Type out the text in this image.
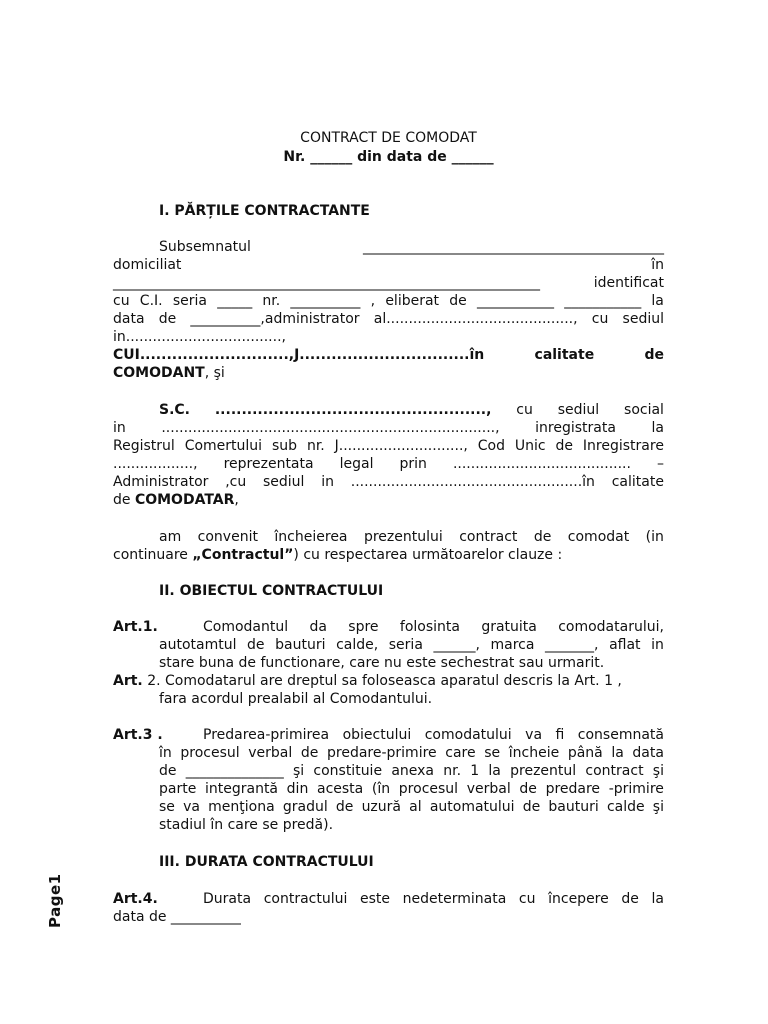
CONTRACT DE COMODAT
Nr. ______ din data de ______
I. PĂRȚILE CONTRACTANTE
Subsemnatul	___________________________________________
domiciliat	în
_____________________________________________________________	identificat
cu C.I. seria _____ nr. __________ , eliberat de ___________ ___________ la
data de __________,administrator al.........................................., cu sediul
in...................................,
CUI............................,J................................în	calitate	de
COMODANT, şi
S.C. ..................................................., cu sediul social
in	...........................................................................,	inregistrata	la
Registrul Comertului sub nr. J............................, Cod Unic de Inregistrare
.................., reprezentata legal prin ........................................ –
Administrator ,cu sediul in ....................................................în calitate
de COMODATAR,
am convenit încheierea prezentului contract de comodat (in
continuare „Contractul”) cu respectarea următoarelor clauze :
II. OBIECTUL CONTRACTULUI
Art.1.	Comodantul da spre folosinta gratuita comodatarului,
autotamtul de bauturi calde, seria ______, marca _______, aflat in
stare buna de functionare, care nu este sechestrat sau urmarit.
Art. 2. Comodatarul are dreptul sa foloseasca aparatul descris la Art. 1 ,
fara acordul prealabil al Comodantului.
Art.3 .	Predarea-primirea obiectului comodatului va fi consemnată
în procesul verbal de predare-primire care se încheie până la data
de ______________ şi constituie anexa nr. 1 la prezentul contract şi
parte integrantă din acesta (în procesul verbal de predare -primire
se va menţiona gradul de uzură al automatului de bauturi calde şi
stadiul în care se predă).
III. DURATA CONTRACTULUI
Art.4.	Durata contractului este nedeterminata cu începere de la
data de __________
Page1
